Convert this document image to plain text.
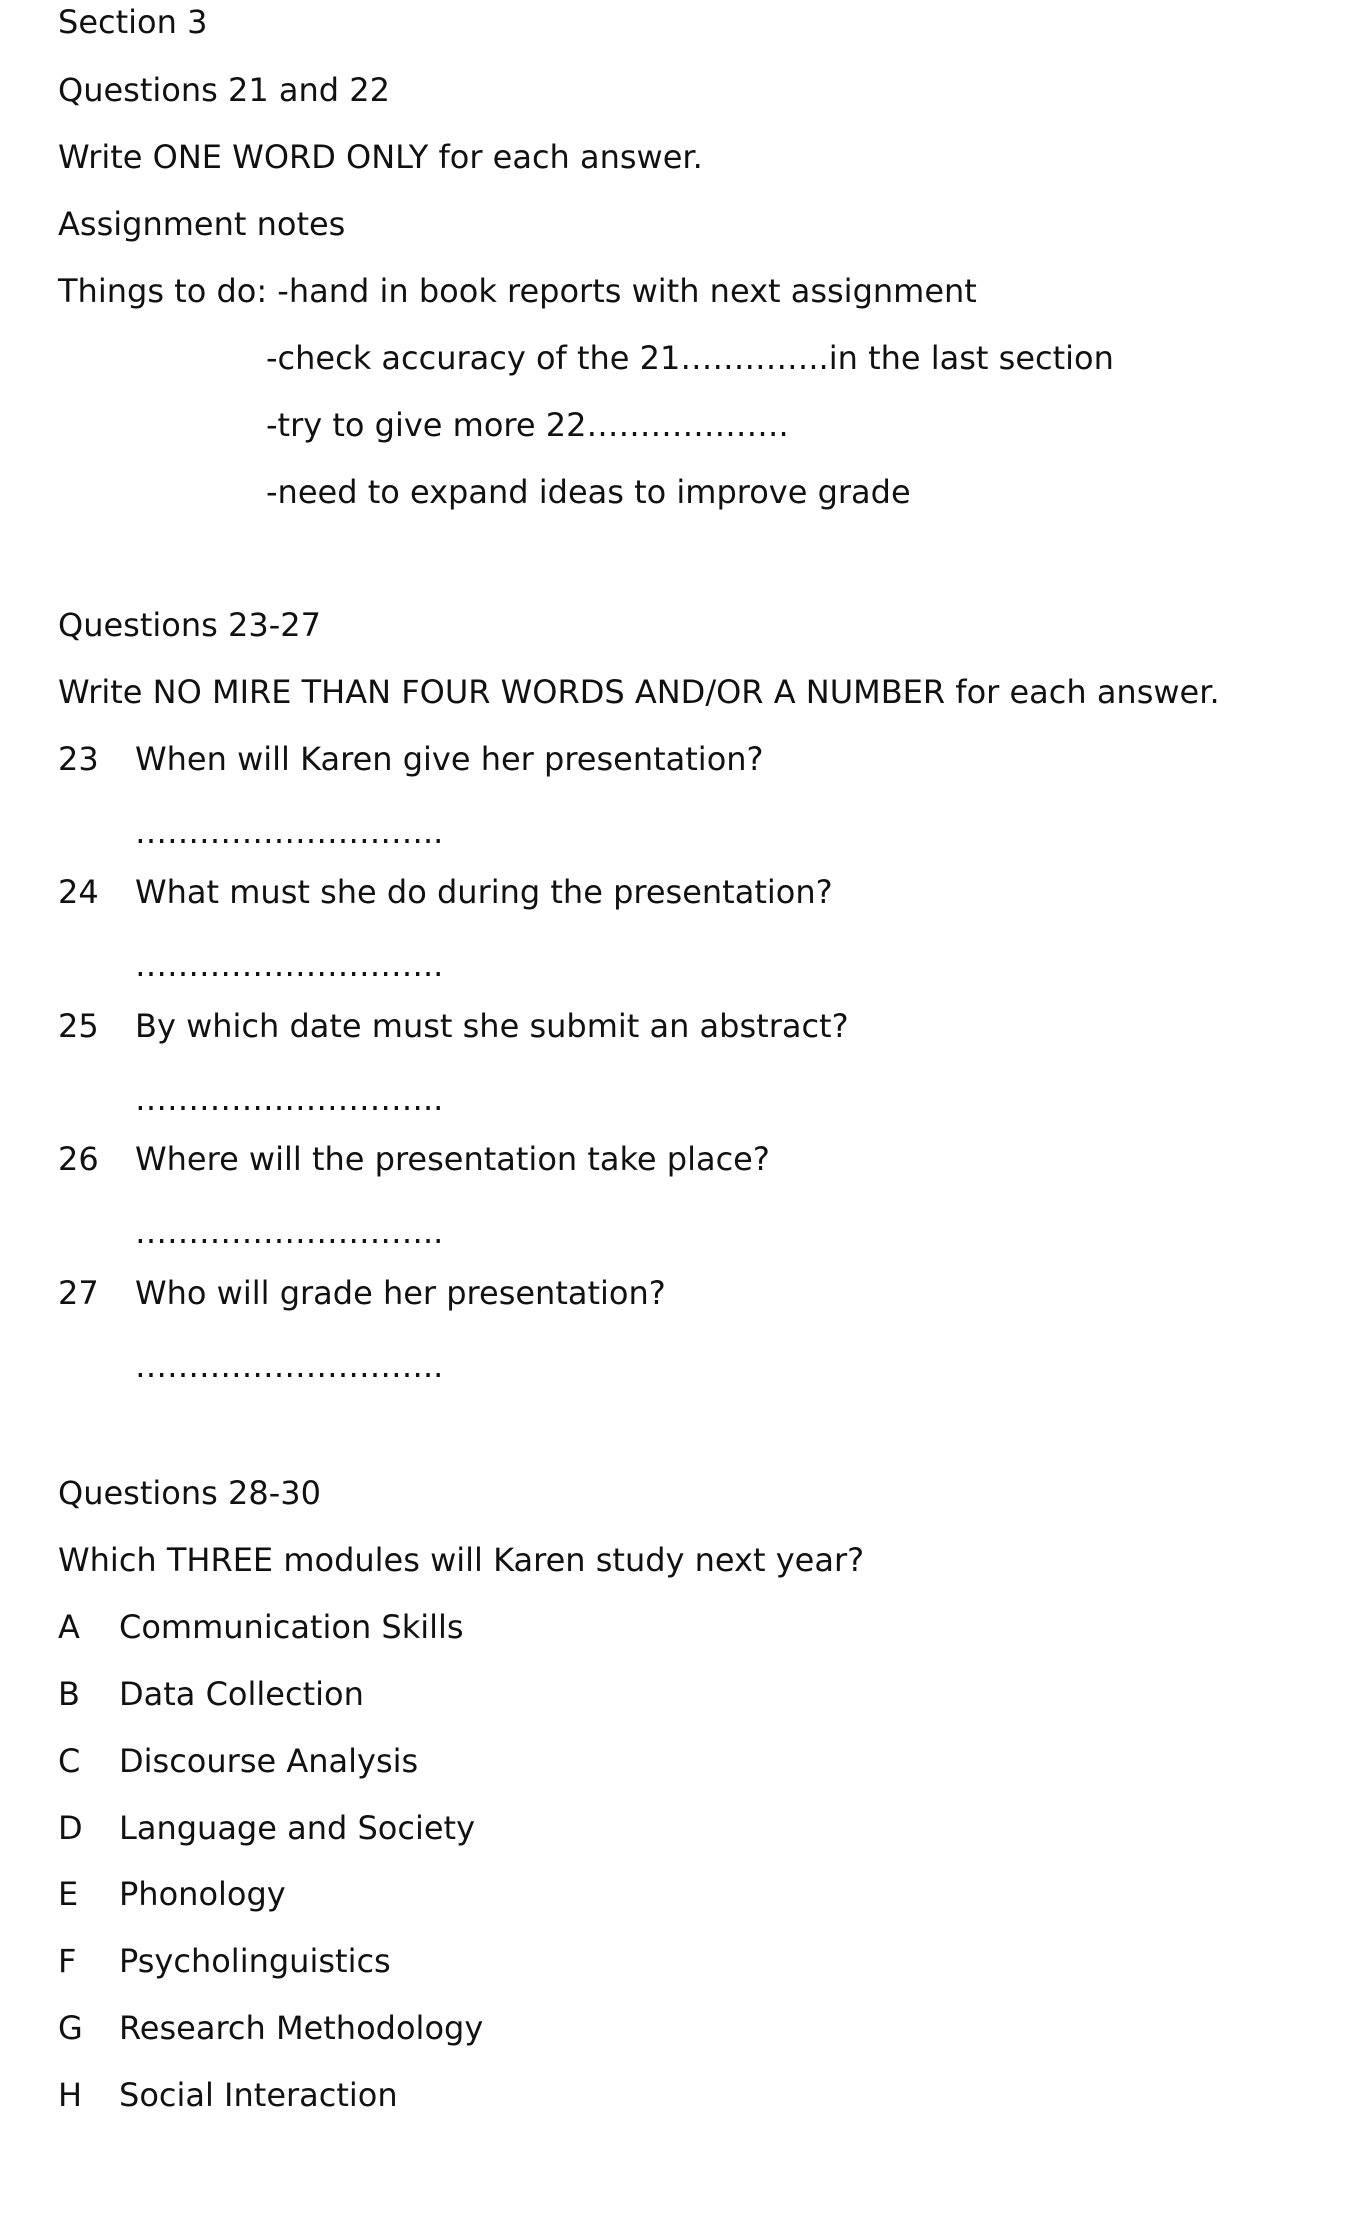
Section 3
Questions 21 and 22
Write ONE WORD ONLY for each answer.
Assignment notes
Things to do: -hand in book reports with next assignment
-check accuracy of the 21…………..in the last section
-try to give more 22……………….
-need to expand ideas to improve grade
Questions 23-27
Write NO MIRE THAN FOUR WORDS AND/OR A NUMBER for each answer.
23 When will Karen give her presentation?
………………………..
24 What must she do during the presentation?
………………………..
25 By which date must she submit an abstract?
………………………..
26 Where will the presentation take place?
………………………..
27 Who will grade her presentation?
………………………..
Questions 28-30
Which THREE modules will Karen study next year?
A Communication Skills
B Data Collection
C Discourse Analysis
D Language and Society
E Phonology
F Psycholinguistics
G Research Methodology
H Social Interaction
